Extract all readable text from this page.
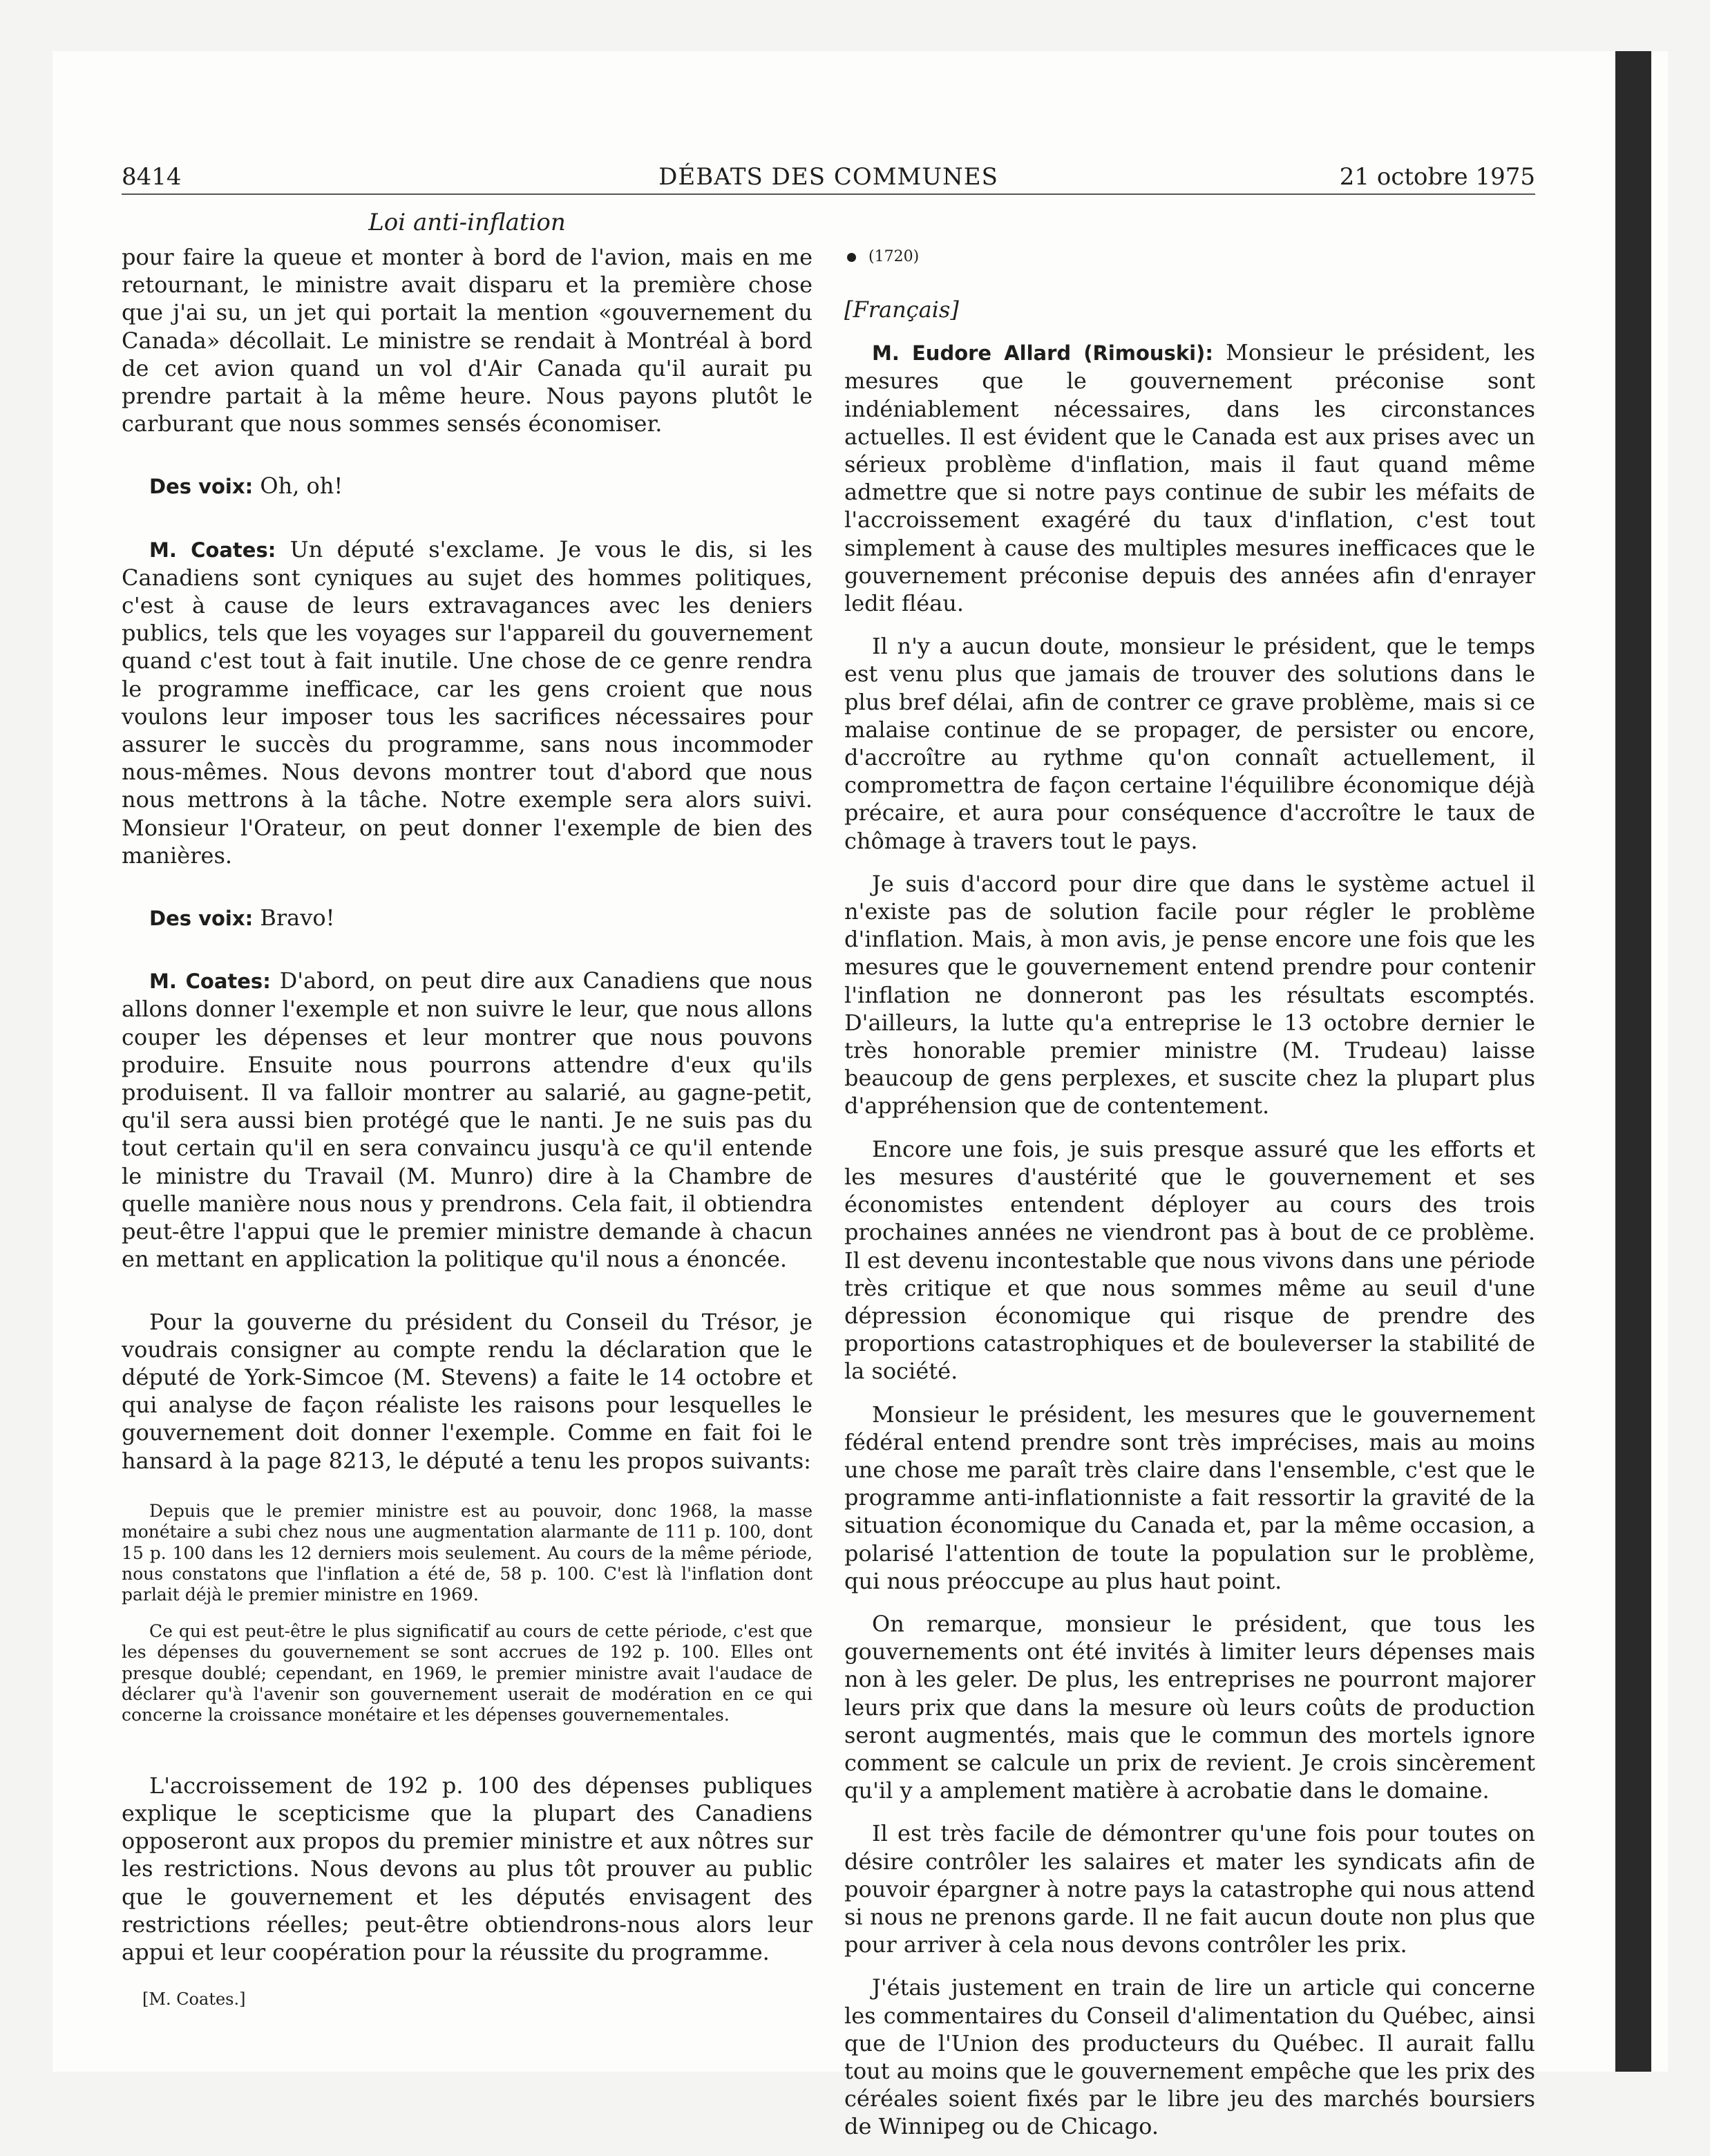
8414	DÉBATS DES COMMUNES	21 octobre 1975
Loi anti-inflation

pour faire la queue et monter à bord de l'avion, mais en me retournant, le ministre avait disparu et la première chose que j'ai su, un jet qui portait la mention «gouvernement du Canada» décollait. Le ministre se rendait à Montréal à bord de cet avion quand un vol d'Air Canada qu'il aurait pu prendre partait à la même heure. Nous payons plutôt le carburant que nous sommes sensés économiser.

Des voix: Oh, oh!

M. Coates: Un député s'exclame. Je vous le dis, si les Canadiens sont cyniques au sujet des hommes politiques, c'est à cause de leurs extravagances avec les deniers publics, tels que les voyages sur l'appareil du gouvernement quand c'est tout à fait inutile. Une chose de ce genre rendra le programme inefficace, car les gens croient que nous voulons leur imposer tous les sacrifices nécessaires pour assurer le succès du programme, sans nous incommoder nous-mêmes. Nous devons montrer tout d'abord que nous nous mettrons à la tâche. Notre exemple sera alors suivi. Monsieur l'Orateur, on peut donner l'exemple de bien des manières.

Des voix: Bravo!

M. Coates: D'abord, on peut dire aux Canadiens que nous allons donner l'exemple et non suivre le leur, que nous allons couper les dépenses et leur montrer que nous pouvons produire. Ensuite nous pourrons attendre d'eux qu'ils produisent. Il va falloir montrer au salarié, au gagne-petit, qu'il sera aussi bien protégé que le nanti. Je ne suis pas du tout certain qu'il en sera convaincu jusqu'à ce qu'il entende le ministre du Travail (M. Munro) dire à la Chambre de quelle manière nous nous y prendrons. Cela fait, il obtiendra peut-être l'appui que le premier ministre demande à chacun en mettant en application la politique qu'il nous a énoncée.

Pour la gouverne du président du Conseil du Trésor, je voudrais consigner au compte rendu la déclaration que le député de York-Simcoe (M. Stevens) a faite le 14 octobre et qui analyse de façon réaliste les raisons pour lesquelles le gouvernement doit donner l'exemple. Comme en fait foi le hansard à la page 8213, le député a tenu les propos suivants:

Depuis que le premier ministre est au pouvoir, donc 1968, la masse monétaire a subi chez nous une augmentation alarmante de 111 p. 100, dont 15 p. 100 dans les 12 derniers mois seulement. Au cours de la même période, nous constatons que l'inflation a été de, 58 p. 100. C'est là l'inflation dont parlait déjà le premier ministre en 1969.

Ce qui est peut-être le plus significatif au cours de cette période, c'est que les dépenses du gouvernement se sont accrues de 192 p. 100. Elles ont presque doublé; cependant, en 1969, le premier ministre avait l'audace de déclarer qu'à l'avenir son gouvernement userait de modération en ce qui concerne la croissance monétaire et les dépenses gouvernementales.

L'accroissement de 192 p. 100 des dépenses publiques explique le scepticisme que la plupart des Canadiens opposeront aux propos du premier ministre et aux nôtres sur les restrictions. Nous devons au plus tôt prouver au public que le gouvernement et les députés envisagent des restrictions réelles; peut-être obtiendrons-nous alors leur appui et leur coopération pour la réussite du programme.

[M. Coates.]

(1720)

[Français]

M. Eudore Allard (Rimouski): Monsieur le président, les mesures que le gouvernement préconise sont indéniablement nécessaires, dans les circonstances actuelles. Il est évident que le Canada est aux prises avec un sérieux problème d'inflation, mais il faut quand même admettre que si notre pays continue de subir les méfaits de l'accroissement exagéré du taux d'inflation, c'est tout simplement à cause des multiples mesures inefficaces que le gouvernement préconise depuis des années afin d'enrayer ledit fléau.

Il n'y a aucun doute, monsieur le président, que le temps est venu plus que jamais de trouver des solutions dans le plus bref délai, afin de contrer ce grave problème, mais si ce malaise continue de se propager, de persister ou encore, d'accroître au rythme qu'on connaît actuellement, il compromettra de façon certaine l'équilibre économique déjà précaire, et aura pour conséquence d'accroître le taux de chômage à travers tout le pays.

Je suis d'accord pour dire que dans le système actuel il n'existe pas de solution facile pour régler le problème d'inflation. Mais, à mon avis, je pense encore une fois que les mesures que le gouvernement entend prendre pour contenir l'inflation ne donneront pas les résultats escomptés. D'ailleurs, la lutte qu'a entreprise le 13 octobre dernier le très honorable premier ministre (M. Trudeau) laisse beaucoup de gens perplexes, et suscite chez la plupart plus d'appréhension que de contentement.

Encore une fois, je suis presque assuré que les efforts et les mesures d'austérité que le gouvernement et ses économistes entendent déployer au cours des trois prochaines années ne viendront pas à bout de ce problème. Il est devenu incontestable que nous vivons dans une période très critique et que nous sommes même au seuil d'une dépression économique qui risque de prendre des proportions catastrophiques et de bouleverser la stabilité de la société.

Monsieur le président, les mesures que le gouvernement fédéral entend prendre sont très imprécises, mais au moins une chose me paraît très claire dans l'ensemble, c'est que le programme anti-inflationniste a fait ressortir la gravité de la situation économique du Canada et, par la même occasion, a polarisé l'attention de toute la population sur le problème, qui nous préoccupe au plus haut point.

On remarque, monsieur le président, que tous les gouvernements ont été invités à limiter leurs dépenses mais non à les geler. De plus, les entreprises ne pourront majorer leurs prix que dans la mesure où leurs coûts de production seront augmentés, mais que le commun des mortels ignore comment se calcule un prix de revient. Je crois sincèrement qu'il y a amplement matière à acrobatie dans le domaine.

Il est très facile de démontrer qu'une fois pour toutes on désire contrôler les salaires et mater les syndicats afin de pouvoir épargner à notre pays la catastrophe qui nous attend si nous ne prenons garde. Il ne fait aucun doute non plus que pour arriver à cela nous devons contrôler les prix.

J'étais justement en train de lire un article qui concerne les commentaires du Conseil d'alimentation du Québec, ainsi que de l'Union des producteurs du Québec. Il aurait fallu tout au moins que le gouvernement empêche que les prix des céréales soient fixés par le libre jeu des marchés boursiers de Winnipeg ou de Chicago.
